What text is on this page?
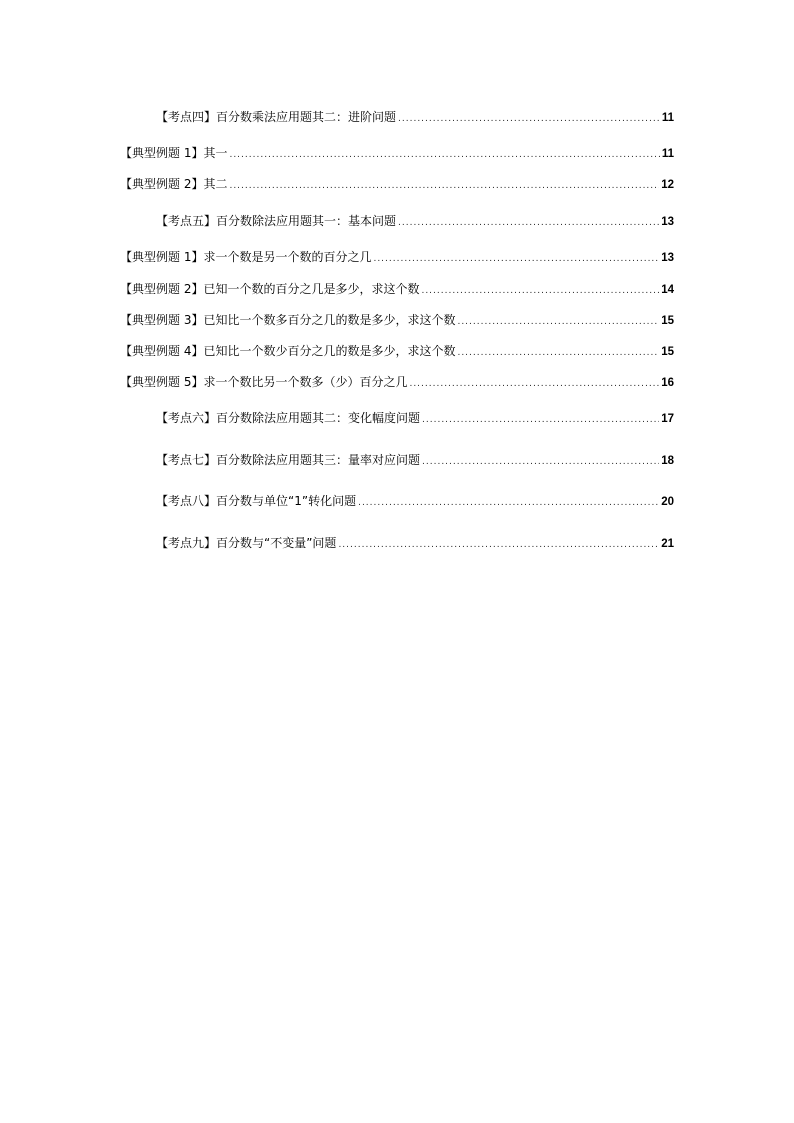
【考点四】百分数乘法应用题其二：进阶问题 .....	11
【典型例题 1】其一 .....	11
【典型例题 2】其二 .....	12
【考点五】百分数除法应用题其一：基本问题 .....	13
【典型例题 1】求一个数是另一个数的百分之几 .....	13
【典型例题 2】已知一个数的百分之几是多少，求这个数 .....	14
【典型例题 3】已知比一个数多百分之几的数是多少，求这个数 .....	15
【典型例题 4】已知比一个数少百分之几的数是多少，求这个数 .....	15
【典型例题 5】求一个数比另一个数多（少）百分之几 .....	16
【考点六】百分数除法应用题其二：变化幅度问题 .....	17
【考点七】百分数除法应用题其三：量率对应问题 .....	18
【考点八】百分数与单位“1”转化问题 .....	20
【考点九】百分数与“不变量”问题 .....	21
